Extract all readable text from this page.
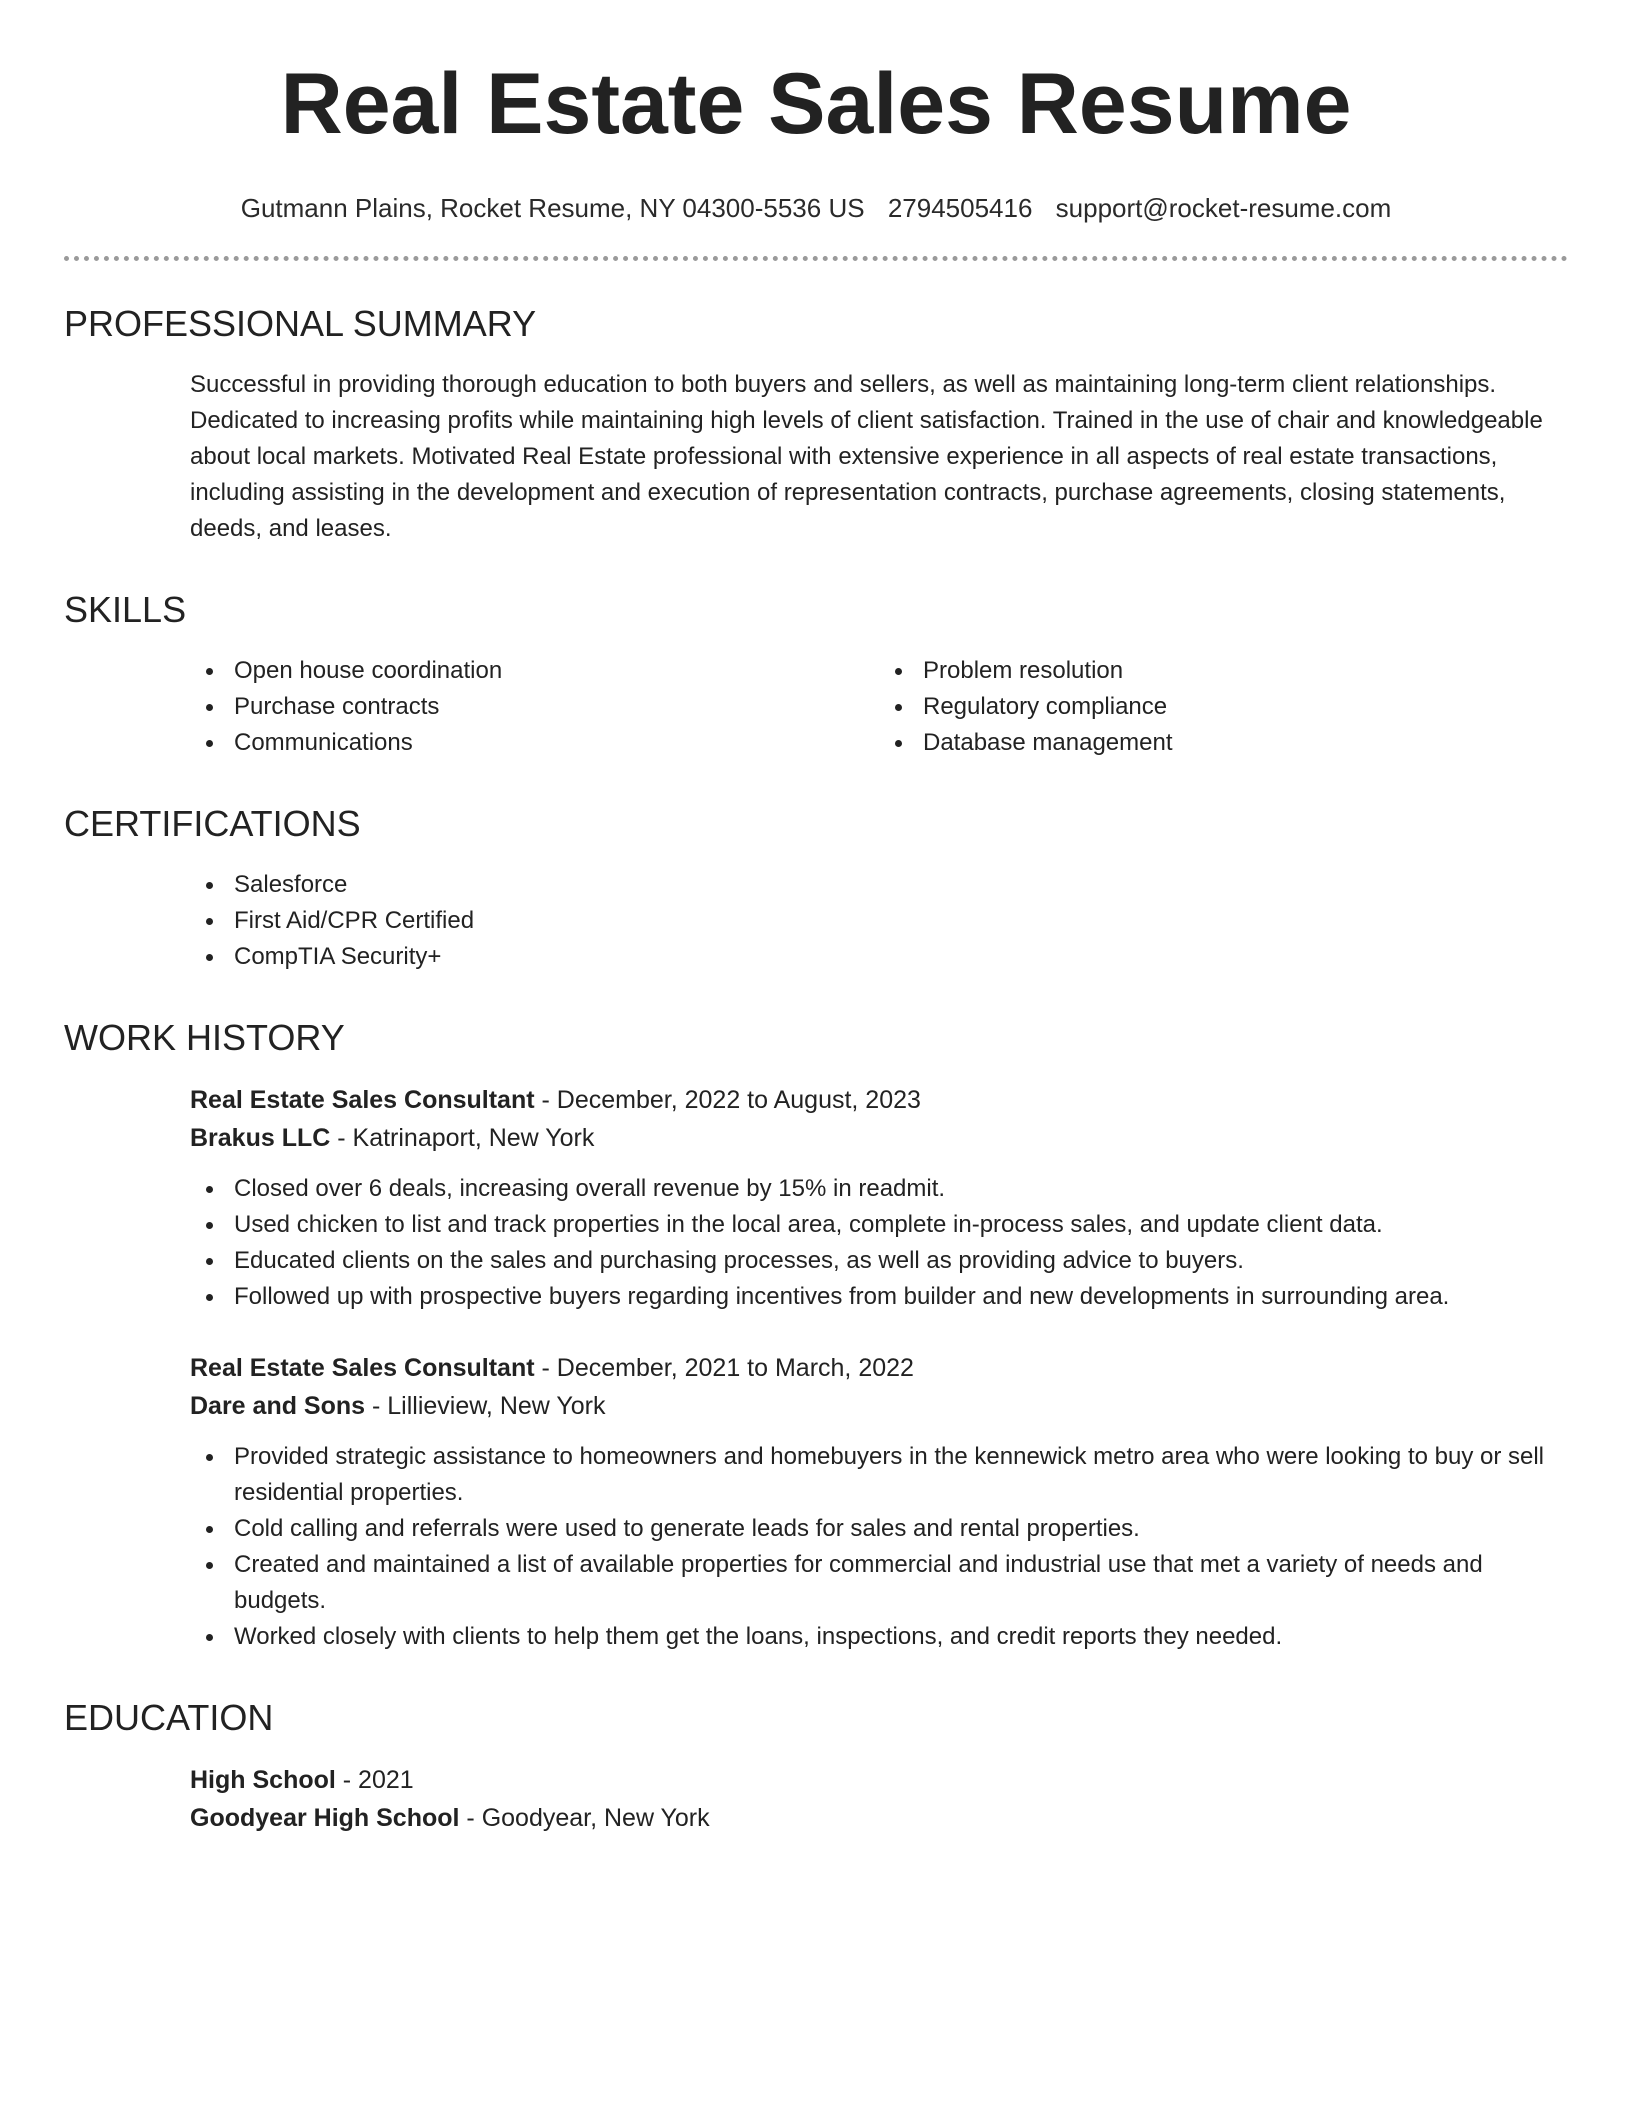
Real Estate Sales Resume
Gutmann Plains, Rocket Resume, NY 04300-5536 US 2794505416 support@rocket-resume.com
PROFESSIONAL SUMMARY

Successful in providing thorough education to both buyers and sellers, as well as maintaining long-term client relationships. Dedicated to increasing profits while maintaining high levels of client satisfaction. Trained in the use of chair and knowledgeable about local markets. Motivated Real Estate professional with extensive experience in all aspects of real estate transactions, including assisting in the development and execution of representation contracts, purchase agreements, closing statements, deeds, and leases.

SKILLS
Open house coordination
Purchase contracts
Communications
Problem resolution
Regulatory compliance
Database management
CERTIFICATIONS
Salesforce
First Aid/CPR Certified
CompTIA Security+
WORK HISTORY
Real Estate Sales Consultant - December, 2022 to August, 2023
Brakus LLC - Katrinaport, New York
Closed over 6 deals, increasing overall revenue by 15% in readmit.
Used chicken to list and track properties in the local area, complete in-process sales, and update client data.
Educated clients on the sales and purchasing processes, as well as providing advice to buyers.
Followed up with prospective buyers regarding incentives from builder and new developments in surrounding area.
Real Estate Sales Consultant - December, 2021 to March, 2022
Dare and Sons - Lillieview, New York
Provided strategic assistance to homeowners and homebuyers in the kennewick metro area who were looking to buy or sell residential properties.
Cold calling and referrals were used to generate leads for sales and rental properties.
Created and maintained a list of available properties for commercial and industrial use that met a variety of needs and budgets.
Worked closely with clients to help them get the loans, inspections, and credit reports they needed.
EDUCATION
High School - 2021
Goodyear High School - Goodyear, New York
